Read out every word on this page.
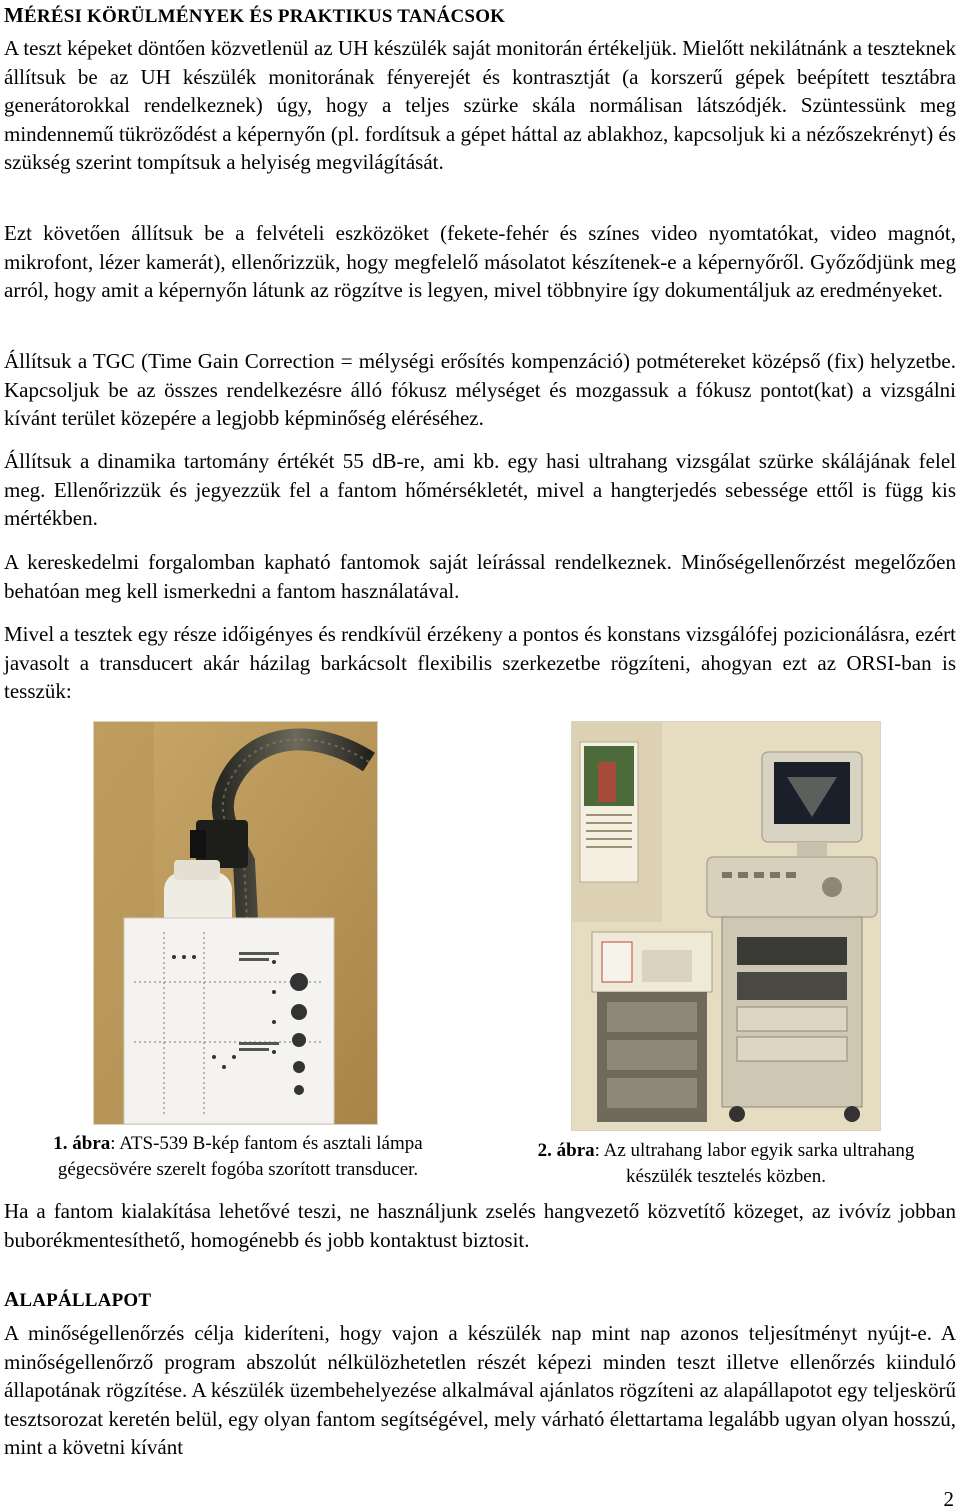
MÉRÉSI KÖRÜLMÉNYEK ÉS PRAKTIKUS TANÁCSOK

A teszt képeket döntően közvetlenül az UH készülék saját monitorán értékeljük. Mielőtt nekilátnánk a teszteknek állítsuk be az UH készülék monitorának fényerejét és kontrasztját (a korszerű gépek beépített tesztábra generátorokkal rendelkeznek) úgy, hogy a teljes szürke skála normálisan látszódjék. Szüntessünk meg mindennemű tükröződést a képernyőn (pl. fordítsuk a gépet háttal az ablakhoz, kapcsoljuk ki a nézőszekrényt) és szükség szerint tompítsuk a helyiség megvilágítását.

Ezt követően állítsuk be a felvételi eszközöket (fekete-fehér és színes video nyomtatókat, video magnót, mikrofont, lézer kamerát), ellenőrizzük, hogy megfelelő másolatot készítenek-e a képernyőről. Győződjünk meg arról, hogy amit a képernyőn látunk az rögzítve is legyen, mivel többnyire így dokumentáljuk az eredményeket.

Állítsuk a TGC (Time Gain Correction = mélységi erősítés kompenzáció) potmétereket középső (fix) helyzetbe. Kapcsoljuk be az összes rendelkezésre álló fókusz mélységet és mozgassuk a fókusz pontot(kat) a vizsgálni kívánt terület közepére a legjobb képminőség eléréséhez.

Állítsuk a dinamika tartomány értékét 55 dB-re, ami kb. egy hasi ultrahang vizsgálat szürke skálájának felel meg. Ellenőrizzük és jegyezzük fel a fantom hőmérsékletét, mivel a hangterjedés sebessége ettől is függ kis mértékben.

A kereskedelmi forgalomban kapható fantomok saját leírással rendelkeznek. Minőségellenőrzést megelőzően behatóan meg kell ismerkedni a fantom használatával.

Mivel a tesztek egy része időigényes és rendkívül érzékeny a pontos és konstans vizsgálófej pozicionálásra, ezért javasolt a transducert akár házilag barkácsolt flexibilis szerkezetbe rögzíteni, ahogyan ezt az ORSI-ban is tesszük:

1. ábra: ATS-539 B-kép fantom és asztali lámpa
gégecsövére szerelt fogóba szorított transducer.
2. ábra: Az ultrahang labor egyik sarka ultrahang
készülék tesztelés közben.

Ha a fantom kialakítása lehetővé teszi, ne használjunk zselés hangvezető közvetítő közeget, az ivóvíz jobban buborékmentesíthető, homogénebb és jobb kontaktust biztosit.

ALAPÁLLAPOT

A minőségellenőrzés célja kideríteni, hogy vajon a készülék nap mint nap azonos teljesítményt nyújt-e. A minőségellenőrző program abszolút nélkülözhetetlen részét képezi minden teszt illetve ellenőrzés kiinduló állapotának rögzítése. A készülék üzembehelyezése alkalmával ajánlatos rögzíteni az alapállapotot egy teljeskörű tesztsorozat keretén belül, egy olyan fantom segítségével, mely várható élettartama legalább ugyan olyan hosszú, mint a követni kívánt

2
